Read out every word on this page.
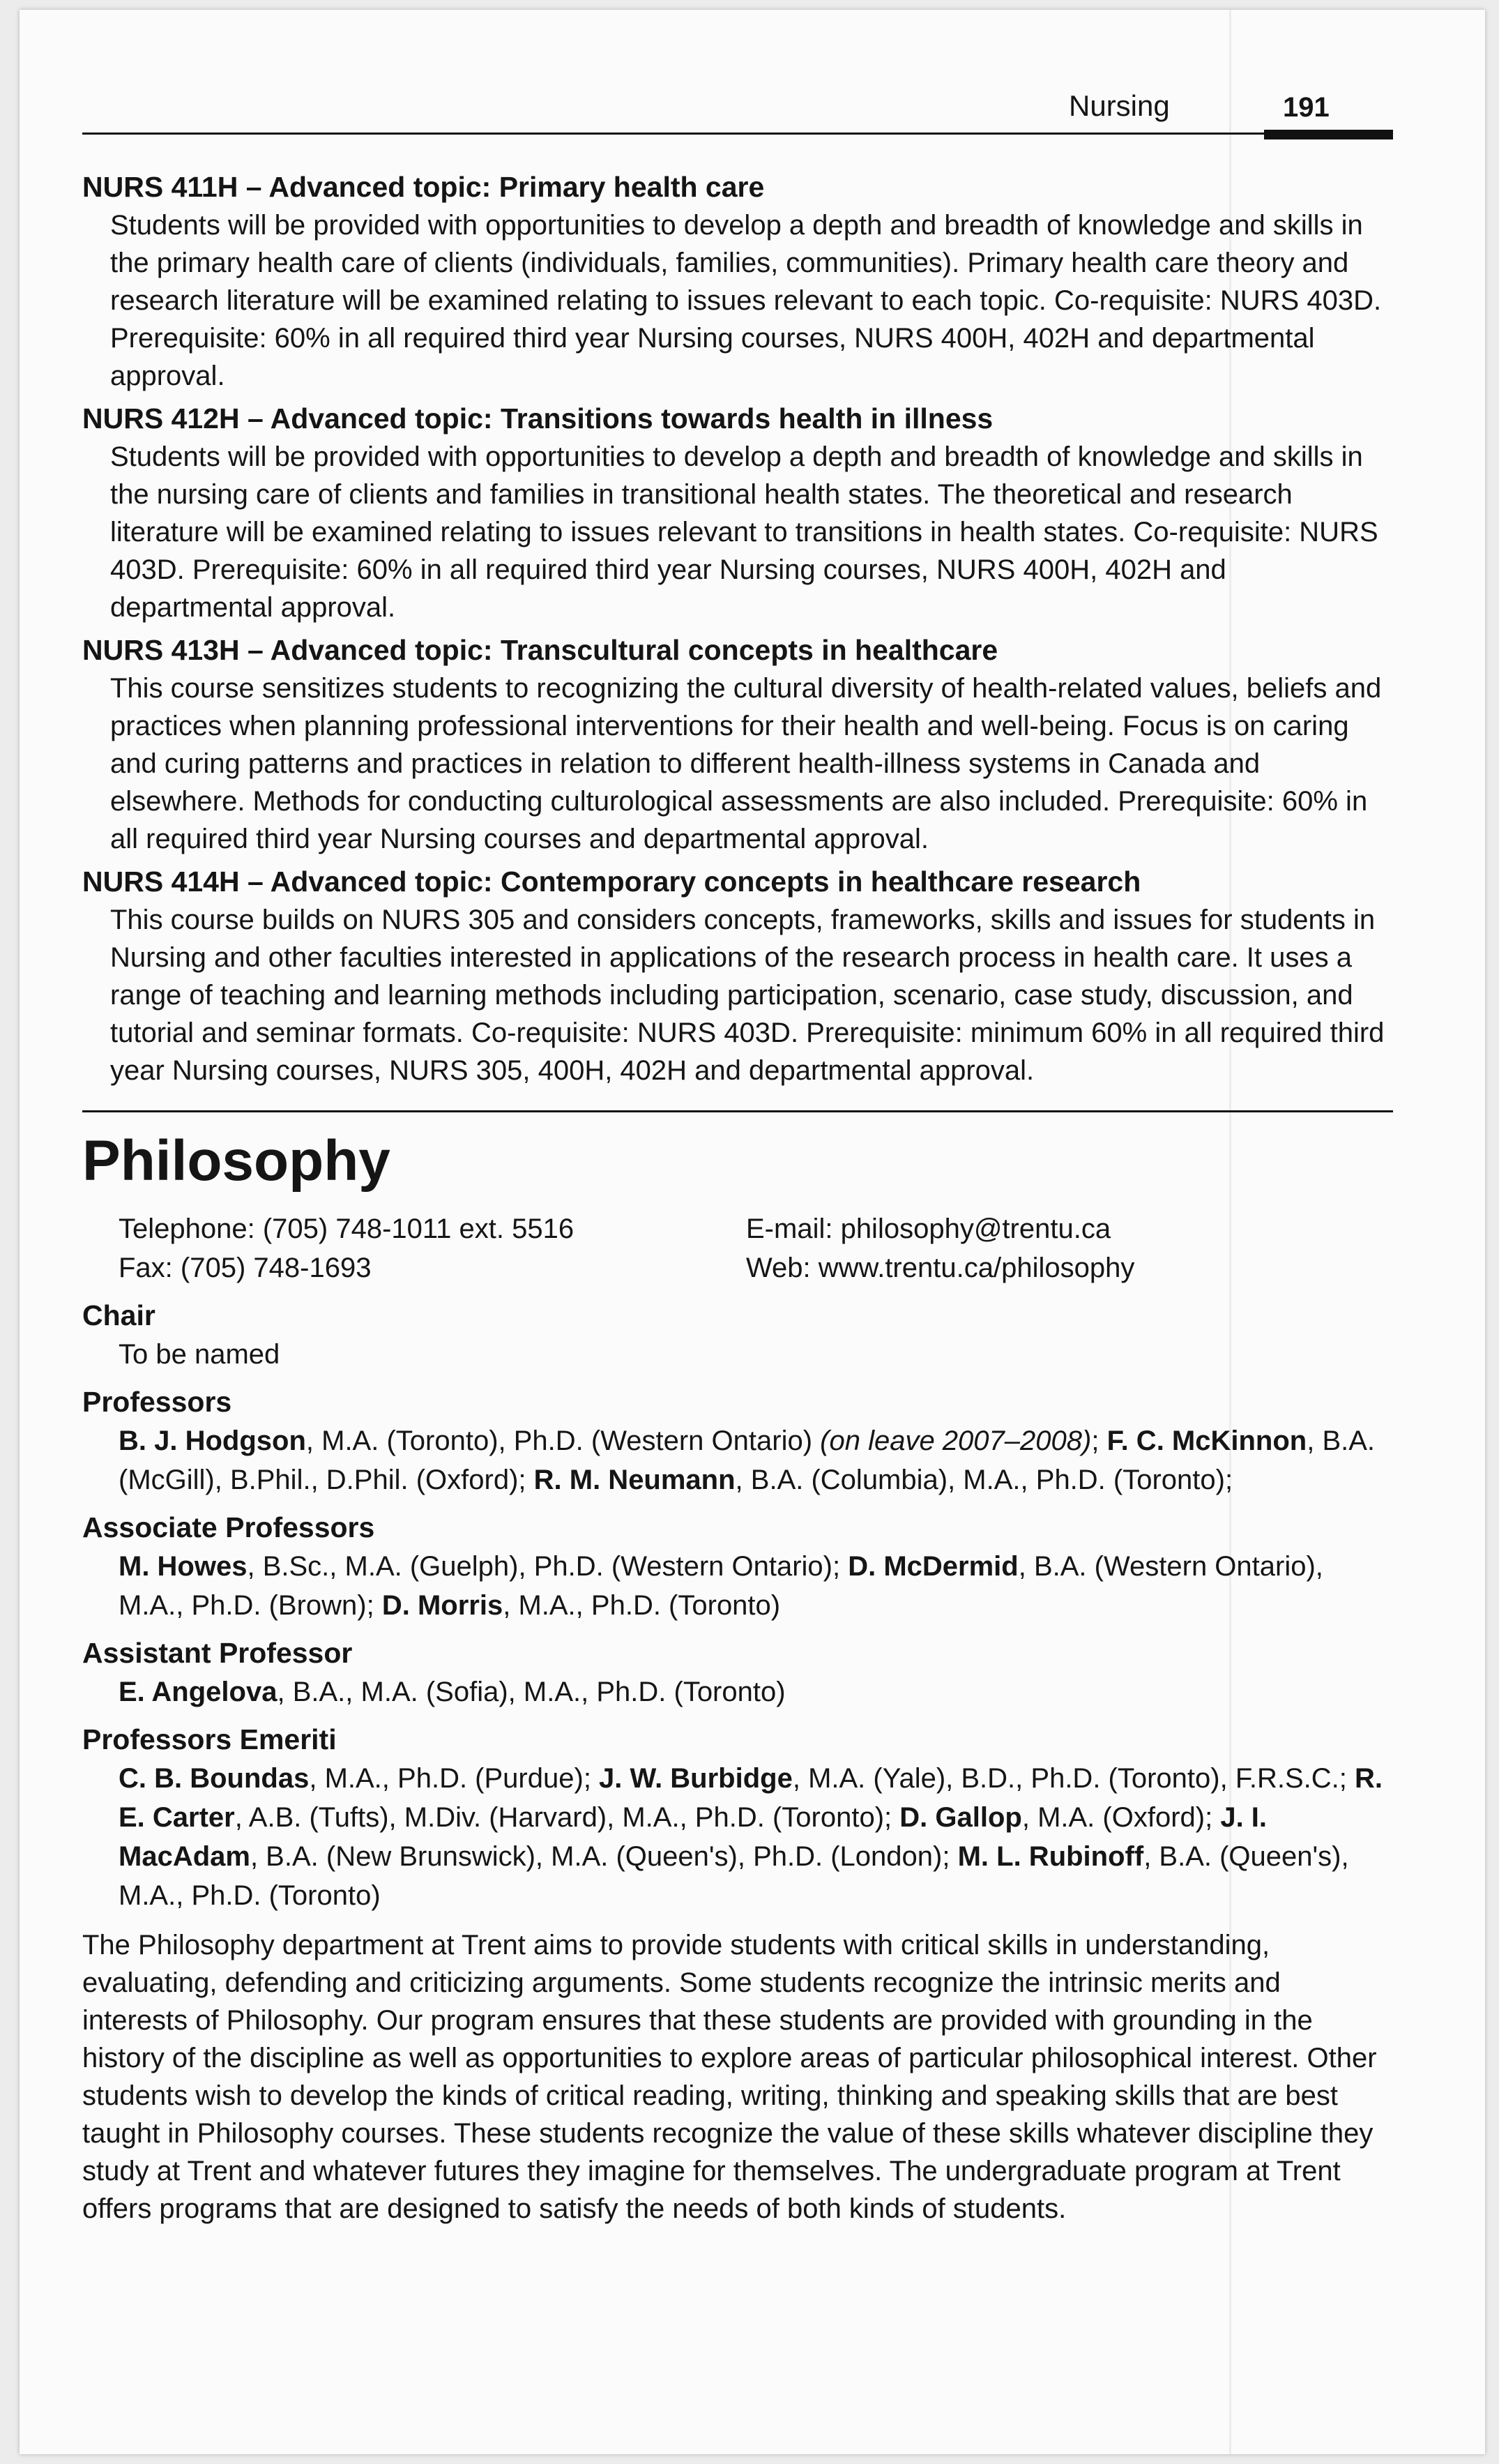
Nursing	191
NURS 411H – Advanced topic: Primary health care
Students will be provided with opportunities to develop a depth and breadth of knowledge and skills in the primary health care of clients (individuals, families, communities). Primary health care theory and research literature will be examined relating to issues relevant to each topic. Co-requisite: NURS 403D. Prerequisite: 60% in all required third year Nursing courses, NURS 400H, 402H and departmental approval.
NURS 412H – Advanced topic: Transitions towards health in illness
Students will be provided with opportunities to develop a depth and breadth of knowledge and skills in the nursing care of clients and families in transitional health states. The theoretical and research literature will be examined relating to issues relevant to transitions in health states. Co-requisite: NURS 403D. Prerequisite: 60% in all required third year Nursing courses, NURS 400H, 402H and departmental approval.
NURS 413H – Advanced topic: Transcultural concepts in healthcare
This course sensitizes students to recognizing the cultural diversity of health-related values, beliefs and practices when planning professional interventions for their health and well-being. Focus is on caring and curing patterns and practices in relation to different health-illness systems in Canada and elsewhere. Methods for conducting culturological assessments are also included. Prerequisite: 60% in all required third year Nursing courses and departmental approval.
NURS 414H – Advanced topic: Contemporary concepts in healthcare research
This course builds on NURS 305 and considers concepts, frameworks, skills and issues for students in Nursing and other faculties interested in applications of the research process in health care. It uses a range of teaching and learning methods including participation, scenario, case study, discussion, and tutorial and seminar formats. Co-requisite: NURS 403D. Prerequisite: minimum 60% in all required third year Nursing courses, NURS 305, 400H, 402H and departmental approval.
Philosophy
Telephone: (705) 748-1011 ext. 5516	E-mail: philosophy@trentu.ca
Fax: (705) 748-1693	Web: www.trentu.ca/philosophy
Chair
To be named
Professors
B. J. Hodgson, M.A. (Toronto), Ph.D. (Western Ontario) (on leave 2007–2008); F. C. McKinnon, B.A. (McGill), B.Phil., D.Phil. (Oxford); R. M. Neumann, B.A. (Columbia), M.A., Ph.D. (Toronto);
Associate Professors
M. Howes, B.Sc., M.A. (Guelph), Ph.D. (Western Ontario); D. McDermid, B.A. (Western Ontario), M.A., Ph.D. (Brown); D. Morris, M.A., Ph.D. (Toronto)
Assistant Professor
E. Angelova, B.A., M.A. (Sofia), M.A., Ph.D. (Toronto)
Professors Emeriti
C. B. Boundas, M.A., Ph.D. (Purdue); J. W. Burbidge, M.A. (Yale), B.D., Ph.D. (Toronto), F.R.S.C.; R. E. Carter, A.B. (Tufts), M.Div. (Harvard), M.A., Ph.D. (Toronto); D. Gallop, M.A. (Oxford); J. I. MacAdam, B.A. (New Brunswick), M.A. (Queen's), Ph.D. (London); M. L. Rubinoff, B.A. (Queen's), M.A., Ph.D. (Toronto)

The Philosophy department at Trent aims to provide students with critical skills in understanding, evaluating, defending and criticizing arguments. Some students recognize the intrinsic merits and interests of Philosophy. Our program ensures that these students are provided with grounding in the history of the discipline as well as opportunities to explore areas of particular philosophical interest. Other students wish to develop the kinds of critical reading, writing, thinking and speaking skills that are best taught in Philosophy courses. These students recognize the value of these skills whatever discipline they study at Trent and whatever futures they imagine for themselves. The undergraduate program at Trent offers programs that are designed to satisfy the needs of both kinds of students.
